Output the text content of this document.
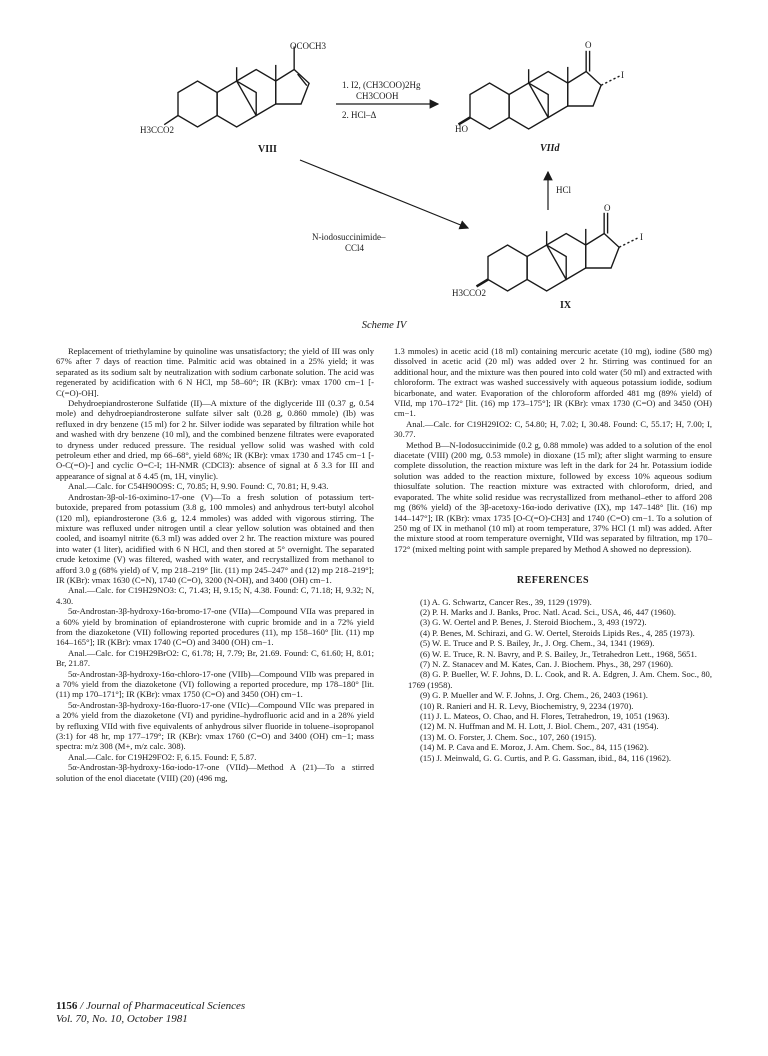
OCOCH3
H3CCO2
O
I
HO
O
I
H3CCO2
VIII	VIId
IX
1. I2, (CH3COO)2Hg
CH3COOH
2. HCl–Δ
HCl
N-iodosuccinimide–
CCl4
Scheme IV

Replacement of triethylamine by quinoline was unsatisfactory; the yield of III was only 67% after 7 days of reaction time. Palmitic acid was obtained in a 25% yield; it was separated as its sodium salt by neutralization with sodium carbonate solution. The acid was regenerated by acidification with 6 N HCl, mp 58–60°; IR (KBr): νmax 1700 cm−1 [-C(=O)-OH].

Dehydroepiandrosterone Sulfatide (II)—A mixture of the diglyceride III (0.37 g, 0.54 mole) and dehydroepiandrosterone sulfate silver salt (0.28 g, 0.860 mmole) (Ib) was refluxed in dry benzene (15 ml) for 2 hr. Silver iodide was separated by filtration while hot and washed with dry benzene (10 ml), and the combined benzene filtrates were evaporated to dryness under reduced pressure. The residual yellow solid was washed with cold petroleum ether and dried, mp 66–68°, yield 68%; IR (KBr): νmax 1730 and 1745 cm−1 [-O-C(=O)-] and cyclic O=C-I; 1H-NMR (CDCl3): absence of signal at δ 3.3 for III and appearance of signal at δ 4.45 (m, 1H, vinylic).

Anal.—Calc. for C54H90O9S: C, 70.85; H, 9.90. Found: C, 70.81; H, 9.43.

Androstan-3β-ol-16-oximino-17-one (V)—To a fresh solution of potassium tert-butoxide, prepared from potassium (3.8 g, 100 mmoles) and anhydrous tert-butyl alcohol (120 ml), epiandrosterone (3.6 g, 12.4 mmoles) was added with vigorous stirring. The mixture was refluxed under nitrogen until a clear yellow solution was obtained and then cooled, and isoamyl nitrite (6.3 ml) was added over 2 hr. The reaction mixture was poured into water (1 liter), acidified with 6 N HCl, and then stored at 5° overnight. The separated crude ketoxime (V) was filtered, washed with water, and recrystallized from methanol to afford 3.0 g (68% yield) of V, mp 218–219° [lit. (11) mp 245–247° and (12) mp 218–219°]; IR (KBr): νmax 1630 (C=N), 1740 (C=O), 3200 (N-OH), and 3400 (OH) cm−1.

Anal.—Calc. for C19H29NO3: C, 71.43; H, 9.15; N, 4.38. Found: C, 71.18; H, 9.32; N, 4.30.

5α-Androstan-3β-hydroxy-16α-bromo-17-one (VIIa)—Compound VIIa was prepared in a 60% yield by bromination of epiandrosterone with cupric bromide and in a 72% yield from the diazoketone (VII) following reported procedures (11), mp 158–160° [lit. (11) mp 164–165°]; IR (KBr): νmax 1740 (C=O) and 3400 (OH) cm−1.

Anal.—Calc. for C19H29BrO2: C, 61.78; H, 7.79; Br, 21.69. Found: C, 61.60; H, 8.01; Br, 21.87.

5α-Androstan-3β-hydroxy-16α-chloro-17-one (VIIb)—Compound VIIb was prepared in a 70% yield from the diazoketone (VI) following a reported procedure, mp 178–180° [lit. (11) mp 170–171°]; IR (KBr): νmax 1750 (C=O) and 3450 (OH) cm−1.

5α-Androstan-3β-hydroxy-16α-fluoro-17-one (VIIc)—Compound VIIc was prepared in a 20% yield from the diazoketone (VI) and pyridine–hydrofluoric acid and in a 28% yield by refluxing VIId with five equivalents of anhydrous silver fluoride in toluene–isopropanol (3:1) for 48 hr, mp 177–179°; IR (KBr): νmax 1760 (C=O) and 3400 (OH) cm−1; mass spectra: m/z 308 (M+, m/z calc. 308).

Anal.—Calc. for C19H29FO2: F, 6.15. Found: F, 5.87.

5α-Androstan-3β-hydroxy-16α-iodo-17-one (VIId)—Method A (21)—To a stirred solution of the enol diacetate (VIII) (20) (496 mg,

1.3 mmoles) in acetic acid (18 ml) containing mercuric acetate (10 mg), iodine (580 mg) dissolved in acetic acid (20 ml) was added over 2 hr. Stirring was continued for an additional hour, and the mixture was then poured into cold water (50 ml) and extracted with chloroform. The extract was washed successively with aqueous potassium iodide, sodium bicarbonate, and water. Evaporation of the chloroform afforded 481 mg (89% yield) of VIId, mp 170–172° [lit. (16) mp 173–175°]; IR (KBr): νmax 1730 (C=O) and 3450 (OH) cm−1.

Anal.—Calc. for C19H29IO2: C, 54.80; H, 7.02; I, 30.48. Found: C, 55.17; H, 7.00; I, 30.77.

Method B—N-Iodosuccinimide (0.2 g, 0.88 mmole) was added to a solution of the enol diacetate (VIII) (200 mg, 0.53 mmole) in dioxane (15 ml); after slight warming to ensure complete dissolution, the reaction mixture was left in the dark for 24 hr. Potassium iodide solution was added to the reaction mixture, followed by excess 10% aqueous sodium thiosulfate solution. The reaction mixture was extracted with chloroform, dried, and evaporated. The white solid residue was recrystallized from methanol–ether to afford 208 mg (86% yield) of the 3β-acetoxy-16α-iodo derivative (IX), mp 147–148° [lit. (16) mp 144–147°]; IR (KBr): νmax 1735 [O-C(=O)-CH3] and 1740 (C=O) cm−1. To a solution of 250 mg of IX in methanol (10 ml) at room temperature, 37% HCl (1 ml) was added. After the mixture stood at room temperature overnight, VIId was separated by filtration, mp 170–172° (mixed melting point with sample prepared by Method A showed no depression).

REFERENCES

(1) A. G. Schwartz, Cancer Res., 39, 1129 (1979).

(2) P. H. Marks and J. Banks, Proc. Natl. Acad. Sci., USA, 46, 447 (1960).

(3) G. W. Oertel and P. Benes, J. Steroid Biochem., 3, 493 (1972).

(4) P. Benes, M. Schirazi, and G. W. Oertel, Steroids Lipids Res., 4, 285 (1973).

(5) W. E. Truce and P. S. Bailey, Jr., J. Org. Chem., 34, 1341 (1969).

(6) W. E. Truce, R. N. Bavry, and P. S. Bailey, Jr., Tetrahedron Lett., 1968, 5651.

(7) N. Z. Stanacev and M. Kates, Can. J. Biochem. Phys., 38, 297 (1960).

(8) G. P. Bueller, W. F. Johns, D. L. Cook, and R. A. Edgren, J. Am. Chem. Soc., 80, 1769 (1958).

(9) G. P. Mueller and W. F. Johns, J. Org. Chem., 26, 2403 (1961).

(10) R. Ranieri and H. R. Levy, Biochemistry, 9, 2234 (1970).

(11) J. L. Mateos, O. Chao, and H. Flores, Tetrahedron, 19, 1051 (1963).

(12) M. N. Huffman and M. H. Lott, J. Biol. Chem., 207, 431 (1954).

(13) M. O. Forster, J. Chem. Soc., 107, 260 (1915).

(14) M. P. Cava and E. Moroz, J. Am. Chem. Soc., 84, 115 (1962).

(15) J. Meinwald, G. G. Curtis, and P. G. Gassman, ibid., 84, 116 (1962).

1156 / Journal of Pharmaceutical Sciences
Vol. 70, No. 10, October 1981
